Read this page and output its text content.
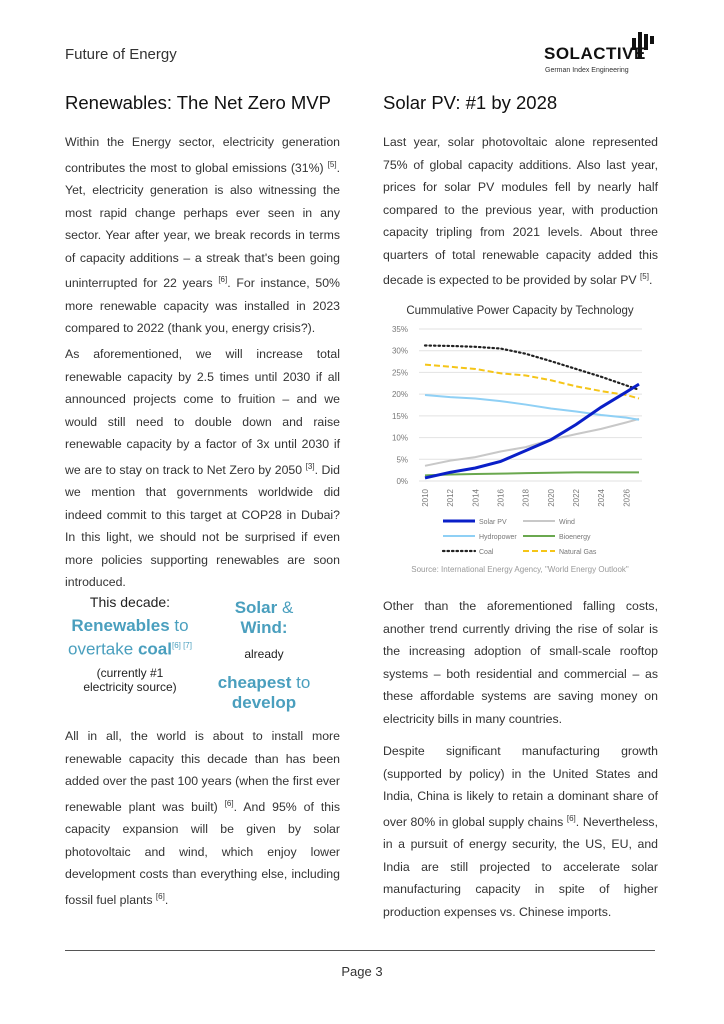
Future of Energy	SOLACTIVE
German Index Engineering
Renewables: The Net Zero MVP

Within the Energy sector, electricity generation contributes the most to global emissions (31%) [5]. Yet, electricity generation is also witnessing the most rapid change perhaps ever seen in any sector. Year after year, we break records in terms of capacity additions – a streak that's been going uninterrupted for 22 years [6]. For instance, 50% more renewable capacity was installed in 2023 compared to 2022 (thank you, energy crisis?).

As aforementioned, we will increase total renewable capacity by 2.5 times until 2030 if all announced projects come to fruition – and we would still need to double down and raise renewable capacity by a factor of 3x until 2030 if we are to stay on track to Net Zero by 2050 [3]. Did we mention that governments worldwide did indeed commit to this target at COP28 in Dubai? In this light, we should not be surprised if even more policies supporting renewables are soon introduced.

This decade:
Renewables to
overtake coal[6] [7]
(currently #1
electricity source)
Solar & Wind:
already
cheapest to
develop

All in all, the world is about to install more renewable capacity this decade than has been added over the past 100 years (when the first ever renewable plant was built) [6]. And 95% of this capacity expansion will be given by solar photovoltaic and wind, which enjoy lower development costs than everything else, including fossil fuel plants [6].

Solar PV: #1 by 2028

Last year, solar photovoltaic alone represented 75% of global capacity additions. Also last year, prices for solar PV modules fell by nearly half compared to the previous year, with production capacity tripling from 2021 levels. About three quarters of total renewable capacity added this decade is expected to be provided by solar PV [5].

Cummulative Power Capacity by Technology
0%
5%
10%
15%
20%
25%
30%
35%
2010 2012 2014 2016 2018 2020 2022 2024 2026
Solar PV	Wind
Hydropower	Bioenergy
Coal	Natural Gas
Source: International Energy Agency, "World Energy Outlook"

Other than the aforementioned falling costs, another trend currently driving the rise of solar is the increasing adoption of small-scale rooftop systems – both residential and commercial – as these affordable systems are saving money on electricity bills in many countries.

Despite significant manufacturing growth (supported by policy) in the United States and India, China is likely to retain a dominant share of over 80% in global supply chains [6]. Nevertheless, in a pursuit of energy security, the US, EU, and India are still projected to accelerate solar manufacturing capacity in spite of higher production expenses vs. Chinese imports.

Page 3
